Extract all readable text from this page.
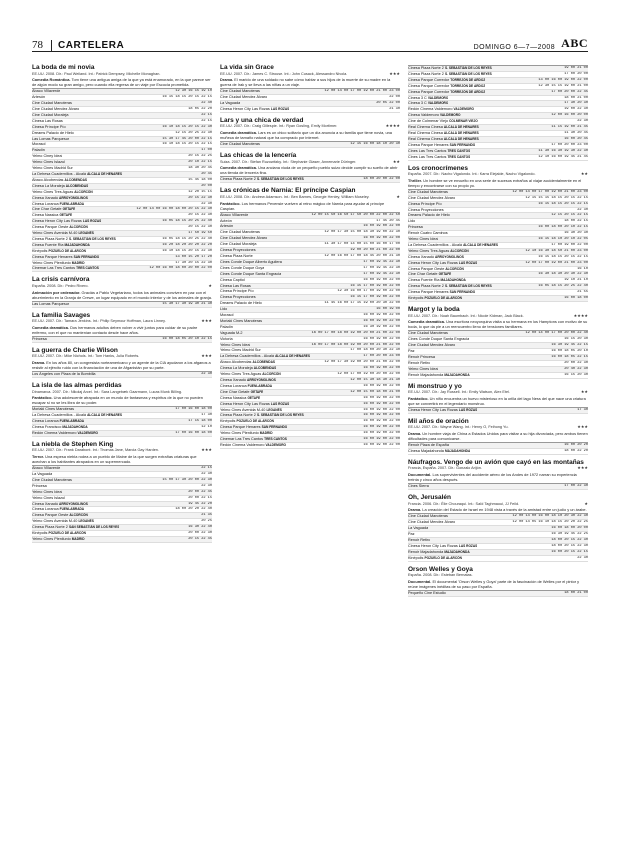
78	CARTELERA	DOMINGO 6—7—2008 ABC
La boda de mi novia
EE.UU. 2008. Dir.: Paul Weiland. Int.: Patrick Dempsey, Michelle Monaghan.
Comedia Romántica. Tom tiene una antigua amiga de la que ya está enamorado, en la que parece ser de algún modo su gran amigo, pero cuando ella regresa de un viaje por Escocia prometida.
Ábaco Villaverde	12 30 16 15 19 10
Artesón	16 15 18 15 20 15 22 15
Cine Ciudad Manoteras	22 40
Cine Ciudad Mendez Álvaro	18 05 22 20
Cine Ciudad Moraleja	22 15
Cinesa Las Rosas	22 15
Cinesa Príncipe Pío	16 10 18 15 20 15 22 30
Dreams Palacio de Hielo	12 15 20 25 22 30
Las Lomas Parquesur	15 30 17 45 20 00 22 15
Morasol	16 10 18 15 20 15 22 15
Paladín	17 00
Yelmo Ciney Ideal	20 15 22 25
Yelmo Cines Islazul	20 10 22 15
Yelmo Cines Madrid Sur	18 30 20 45
La Dehesa Cuadernillos - Alcalá ALCALÁ DE HENARES	20 45
Ábaco Alcobendas ALCOBENDAS	15 45 18 00
Cinesa La Moraleja ALCOBENDAS	20 00
Yelmo Cines Tres Aguas ALCORCÓN	12 20 15 15
Cinesa Xanadú ARROYOMOLINOS	20 15 22 30
Cinesa Loranca FUENLABRADA	22 30
Cine Char Getafe GETAFE	12 00 14 00 16 00 18 00 20 15 22 30
Cinesa Nassica GETAFE	20 15 22 30
Cinesa Heron City Las Rozas LAS ROZAS	16 05 18 15 20 25 22 40
Cinesa Parque Oeste ALCORCÓN	20 15 22 30
Yelmo Cines Avenida M-40 LEGANÉS	17 50 19 50
Cinesa Plaza Norte 2 S. SEBASTIÁN DE LOS REYES	16 05 18 15 20 25 22 40
Cinesa Fuente Ria MAJADAHONDA	16 20 18 20 20 20 22 20
Kinépolis POZUELO DE ALARCÓN	16 10 18 15 20 15 22 30
Cinesa Parque Henares SAN FERNANDO	13 00 15 20 17 20
Yelmo Cines Plenilunio MADRID	17 30 20 15 22 30
Cinemar Las Tres Cantos TRES CANTOS	12 00 16 00 18 00 20 00 22 00
La crisis carnívora
★
España. 2008. Dir.: Pedro Rivero.
Animación por ordenador. Graciás a Pablo Vegetariano, todos los animales conviven en paz con el aburrimiento en la Granja de Crewe, un lugar equipado en el mundo interior y de los animales de granja.
Las Lomas Parquesur	15 30 17 30 19 30 21 30
La familia Savages
★★★
EE.UU. 2007. Dir.: Tamara Jenkins. Int.: Philip Seymour Hoffman, Laura Linney.
Comedia dramática. Dos hermanos adultos deben volver a vivir juntos para cuidar de su padre enfermo, con el que no mantenían contacto desde hace años.
Princesa	16 00 18 05 20 10 22 15
La guerra de Charlie Wilson
★★★
EE.UU. 2007. Dir.: Mike Nichols. Int.: Tom Hanks, Julia Roberts.
Drama. En los años 80, un congresista norteamericano y un agente de la CIA ayudaron a los afganos a resistir al ejército ruido con la financiación de una de Afganistán por su parte.
Los Ángeles con Plaza de la Bombilla	22 30
La isla de las almas perdidas
Dinamarca. 2007. Dir.: Nikolaj Arcel. Int.: Sara Langebæk Gaarmann, Lucas Munk Billing.
Fantástico. Una adolescente atrapada en un mundo de fantasmas y espíritus de la que no pueden escapar si no se les libra de su poder.
Moriaki Cines Manoteras	17 00 16 00 18 00
La Dehesa Cuadernillos - Alcalá ALCALÁ DE HENARES	17 30
Cinesa Loranca FUENLABRADA	17 15 18 00
Cinesa Francisco MAJADAHONDA	12 10
Redón Cinema Valdemoro VALDEMORO	17 00 16 00 18 00
La niebla de Stephen King
★★★
EE.UU. 2007. Dir.: Frank Darabont. Int.: Thomas Jane, Marcia Gay Harden.
Terror. Una espesa niebla rodea a un pueblo de Maine de la que surgen extrañas criaturas que acechan a los habitantes atrapados en un supermercado.
Ábaco Villaverde	22 15
La Vaguada	22 30
Cine Ciudad Manoteras	15 00 17 30 20 00 22 30
Princesa	22 30
Yelmo Cines Ideal	20 00 22 45
Yelmo Cines Islazul	20 00 22 15
Cinesa Xanadú ARROYOMOLINOS	19 45 22 20
Cinesa Loranca FUENLABRADA	18 00 20 20 22 40
Cinesa Parque Oeste ALCORCÓN	21 35
Yelmo Cines Avenida M-40 LEGANÉS	20 25
Cinesa Plaza Norte 2 SAN SEBASTIÁN DE LOS REYES	16 30 22 40
Kinépolis POZUELO DE ALARCÓN	20 00 22 30
Yelmo Cines Plenilunio MADRID	20 15 22 45
La vida sin Grace
★★★
EE.UU. 2007. Dir.: James C. Strouse. Int.: John Cusack, Alessandro Nivola.
Drama. El marido de una soldado no sabe cómo hablar a sus hijos de la muerte de su madre en la guerra de Irak y se lleva a las niñas a un viaje.
Cine Ciudad Manoteras	12 00 14 00 17 00 19 00 21 00 23 00
Cine Ciudad Mendez Álvaro	22 00
La Vaguada	20 05 22 00
Cinesa Heron City Las Rozas LAS ROZAS	21 30
Lars y una chica de verdad
★★★★
EE.UU. 2007. Dir.: Craig Gillespie. Int.: Ryan Gosling, Emily Mortimer.
Comedia dramática. Lars es un chico solitario que un día anuncia a su familia que tiene novia, una muñeca de tamaño natural que ha comprado por internet.
Cine Ciudad Manoteras	12 15 16 00 18 10 20 30
Las chicas de la lencería
★★
Suiza. 2007. Dir.: Stefan Ruzowitzky. Int.: Stephanie Glaser, Annemarie Düringer.
Comedia dramática. Una anciana viuda de un pequeño pueblo suizo decide cumplir su sueño de abrir una tienda de lencería fina.
Cinesa Plaza Norte 2 S. SEBASTIÁN DE LOS REYES	18 00 20 00 22 00
Las crónicas de Narnia: El príncipe Caspian
★
EE.UU. 2008. Dir.: Andrew Adamson. Int.: Ben Barnes, Georgie Henley, William Moseley.
Fantástico. Los hermanos Pevensie vuelven al reino mágico de Narnia para ayudar al príncipe Caspian.
Ábaco Villaverde	12 00 15 50 16 50 17 50 20 00 22 00 22 50
Acteón	17 45 20 45
Artesón	16 00 19 00 22 00
Cine Ciudad Manoteras	12 00 17 30 15 00 18 30 19 00 22 30
Cine Ciudad Mendez Álvaro	16 00 19 00 22 00
Cine Ciudad Moraleja	11 30 17 00 14 00 15 00 16 00 17 00
Cinesa Proyecciones	19 00 20 00 21 00 22 00
Cinesa Plaza Norte	12 00 16 00 17 00 18 45 20 00 21 30
Cines Conde Duque Alberto Aguilera	17 00 19 45 22 30
Cines Conde Duque Goya	17 00 19 45 22 30
Cines Conde Duque Santa Engracia	17 00 19 45 22 30
Cinesa Capitol	16 00 19 00 22 00
Cinesa Las Rosas	16 15 17 00 19 00 22 00
Cinesa Príncipe Pío	12 30 16 00 17 00 19 00 22 00
Cinesa Proyecciones	16 15 17 00 19 00 22 00
Dreams Palacio de Hielo	11 45 16 00 17 15 19 00 20 30 22 00
Lido	16 00 19 00
Morasol	16 00 19 00 22 00
Moriaki Cines Manoteras	16 00 19 00 22 00
Paladín	16 30 19 00 22 00
Vaguada M-2	16 00 17 00 18 00 19 00 20 00 21 00 22 00
Victoria	16 00 19 00 22 00
Yelmo Cines Ideal	16 00 17 00 18 00 19 00 20 00 21 00 22 00
Yelmo Cines Madrid Sur	17 00 18 00 20 30 22 30
La Dehesa Cuadernillos - Alcalá ALCALÁ DE HENARES	17 00 20 00 23 00
Ábaco Alcobendas ALCOBENDAS	12 00 17 30 19 00 20 00 21 00 22 00
Cinesa La Moraleja ALCOBENDAS	16 00 19 00 22 00
Yelmo Cines Tres Aguas ALCORCÓN	12 00 17 00 19 00 20 00 22 00
Cinesa Xanadú ARROYOMOLINOS	12 00 15 30 18 30 21 30
Cinesa Loranca FUENLABRADA	16 00 19 00 22 00
Cine Char Getafe GETAFE	12 00 15 00 18 00 21 00
Cinesa Nassica GETAFE	16 00 19 00 22 00
Cinesa Heron City Las Rozas LAS ROZAS	16 00 19 00 22 00
Yelmo Cines Avenida M-40 LEGANÉS	16 00 19 00 22 00
Cinesa Plaza Norte 2 S. SEBASTIÁN DE LOS REYES	16 00 19 00 22 00
Kinépolis POZUELO DE ALARCÓN	16 00 19 00 22 00
Cinesa Parque Henares SAN FERNANDO	16 00 19 00 22 00
Yelmo Cines Plenilunio MADRID	16 00 19 00 22 00
Cinemar Las Tres Cantos TRES CANTOS	16 00 19 00 22 00
Redón Cinema Valdemoro VALDEMORO	16 00 19 00 22 00
Cinesa Plaza Norte 2 S. SEBASTIÁN DE LOS REYES	19 00 21 00
Cinesa Plaza Norte 2 S. SEBASTIÁN DE LOS REYES	17 00 20 00
Cinesa Parque Corredor TORREJÓN DE ARDOZ	13 00 16 00 19 00 22 00
Cinesa Parque Corredor TORREJÓN DE ARDOZ	12 30 15 15 19 00 21 00
Cinesa Parque Corredor TORREJÓN DE ARDOZ	17 00 20 00 22 45
Cinesa 3 C VALDEMORO	18 00 21 00
Cinesa 3 C VALDEMORO	17 30 20 30
Redón Cinema Valdemoro VALDEMORO	19 00 22 30
Cinesa Valdemoro VALDEMORO	12 00 16 00 20 00
Cine de Colmenar Viejo COLMENAR VIEJO	22 30
Real Cinema Cinesa ALCALÁ DE HENARES	11 15 19 00 21 45
Real Cinema Cinesa ALCALÁ DE HENARES	11 30 20 45
Real Cinema Cinesa ALCALÁ DE HENARES	16 00 20 45
Cinesa Parque Henares SAN FERNANDO	17 00 20 00 23 00
Cines Las Tres Cantos TRES CANTOS	11 30 16 30 19 30 22 30
Cines Las Tres Cantos TRES CANTOS	12 10 16 00 19 45 21 45
Los cronocrímenes
★★
España. 2007. Dir.: Nacho Vigalondo. Int.: Karra Elejalde, Nacho Vigalondo.
Thriller. Un hombre se ve envuelto en una serie de sucesos extraños al viajar accidentalmente en el tiempo y encontrarse con su propio yo.
Cine Ciudad Manoteras	12 00 14 00 17 00 19 00 21 00 23 00
Cine Ciudad Mendez Álvaro	12 15 15 15 18 15 20 15 22 15
Cinesa Príncipe Pío	16 15 18 15 20 15 22 15
Cinesa Proyecciones	22 30
Dreams Palacio de Hielo	12 15 20 15 22 15
Lido	18 00 22 15
Princesa	16 00 18 00 20 10 22 15
Renoir Cuatro Caminos	16 30 20 30
Yelmo Cines Ideal	16 15 18 10 20 10 22 05
La Dehesa Cuadernillos - Alcalá ALCALÁ DE HENARES	17 00 19 00 22 00
Yelmo Cines Tres Aguas ALCORCÓN	12 10 16 30 18 50 21 00 23 00
Cinesa Xanadú ARROYOMOLINOS	16 15 18 15 20 15 22 15
Cinesa Heron City Las Rozas LAS ROZAS	12 00 17 00 19 00 21 00 23 00
Cinesa Parque Oeste ALCORCÓN	16 10
Cine Char Getafe GETAFE	16 30 18 30 20 30 22 30
Cinesa Fuente Ria MAJADAHONDA	19 10 21 10
Cinesa Plaza Norte 2 S. SEBASTIÁN DE LOS REYES	16 05 18 15 20 25 22 40
Cinesa Parque Henares SAN FERNANDO	21 55
Kinépolis POZUELO DE ALARCÓN	16 00 18 00
Margot y la boda
★★★★
EE.UU. 2007. Dir.: Noah Baumbach. Int.: Nicole Kidman, Jack Black.
Comedia dramática. Una escritora neoyorquina visita a su hermana en los Hamptons con motivo de su boda, lo que da pie a un reencuentro lleno de tensiones familiares.
Cine Ciudad Manoteras	12 00 14 00 17 00 20 00 22 40
Cines Conde Duque Santa Engracia	16 15 20 30
Cine Ciudad Mendez Álvaro	16 30 19 45 22 15
Paz	16 00 18 05 20 10
Renoir Princesa	16 00 18 05 22 15
Renoir Retiro	20 00 22 30
Yelmo Cines Ideal	20 40 22 30
Renoir Majadahonda MAJADAHONDA	16 15 20 30
Mi monstruo y yo
★★
EE.UU. 2007. Dir.: Jay Russell. Int.: Emily Watson, Alex Etel.
Fantástico. Un niño encuentra un huevo misterioso en la orilla del lago Ness del que nace una criatura que se convertirá en el legendario monstruo.
Cinesa Heron City Las Rozas LAS ROZAS	17 30
Mil años de oración
★★★
EE.UU. 2007. Dir.: Wayne Wang. Int.: Henry O, Feihong Yu.
Drama. Un hombre viaja de China a Estados Unidos para visitar a su hija divorciada, pero ambos tienen dificultades para comunicarse.
Renoir Plaza de España	16 00 20 20
Cinesa Majadahonda MAJADAHONDA	18 00 22 20
Náufragos. Vengo de un avión que cayó en las montañas
★★★
Francia, España. 2007. Dir.: Gonzalo Arijón.
Documental. Los supervivientes del accidente aéreo de los Andes de 1972 narran su experiencia treinta y cinco años después.
Cines Sierra	17 00 22 30
Oh, Jerusalén
★
Francia. 2006. Dir.: Élie Chouraqui. Int.: Saïd Taghmaoui, JJ Feild.
Drama. La creación del Estado de Israel en 1948 vista a través de la amistad entre un judío y un árabe.
Cine Ciudad Manoteras	12 00 14 00 16 00 18 10 20 30 22 30
Cine Ciudad Mendez Álvaro	12 00 14 05 16 10 18 15 20 20 22 25
La Vaguada	16 00 18 00 20 00
Paz	16 30 19 45 22 25
Renoir Retiro	18 00 20 15 22 30
Cinesa Heron City Las Rozas LAS ROZAS	18 00 20 15 22 30
Renoir Majadahonda MAJADAHONDA	16 00 20 15 22 15
Kinépolis POZUELO DE ALARCÓN	22 30
Orson Welles y Goya
España. 2008. Dir.: Esteban Bernatas.
Documental. El documental 'Orson Welles y Goya' parte de la fascinación de Welles por el pintor y reúne imágenes inéditas de su paso por España.
Pequeño Cine Estudio	18 00 21 00
